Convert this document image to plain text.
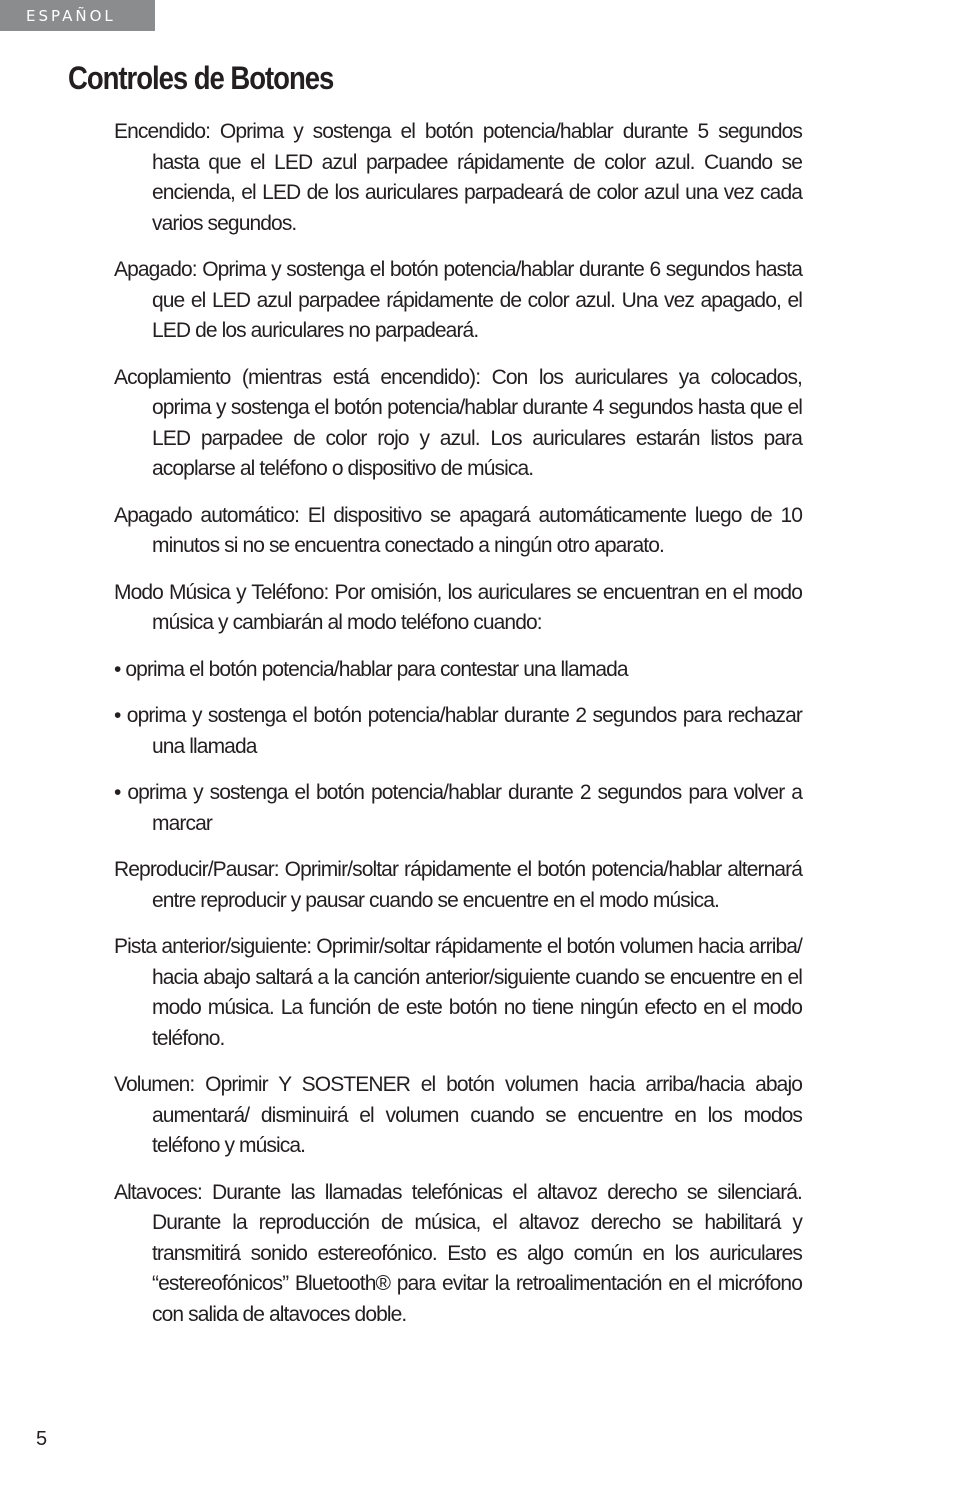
ESPAÑOL
Controles de Botones

Encendido: Oprima y sostenga el botón potencia/hablar durante 5 segundos hasta que el LED azul parpadee rápidamente de color azul. Cuando se encienda, el LED de los auriculares parpadeará de color azul una vez cada varios segundos.

Apagado: Oprima y sostenga el botón potencia/hablar durante 6 segundos hasta que el LED azul parpadee rápidamente de color azul. Una vez apagado, el LED de los auriculares no parpadeará.

Acoplamiento (mientras está encendido): Con los auriculares ya colocados, oprima y sostenga el botón potencia/hablar durante 4 segundos hasta que el LED parpadee de color rojo y azul. Los auriculares estarán listos para acoplarse al teléfono o dispositivo de música.

Apagado automático: El dispositivo se apagará automáticamente luego de 10 minutos si no se encuentra conectado a ningún otro aparato.

Modo Música y Teléfono: Por omisión, los auriculares se encuentran en el modo música y cambiarán al modo teléfono cuando:

• oprima el botón potencia/hablar para contestar una llamada

• oprima y sostenga el botón potencia/hablar durante 2 segundos para rechazar una llamada

• oprima y sostenga el botón potencia/hablar durante 2 segundos para volver a marcar

Reproducir/Pausar: Oprimir/soltar rápidamente el botón potencia/hablar alternará entre reproducir y pausar cuando se encuentre en el modo música.

Pista anterior/siguiente: Oprimir/soltar rápidamente el botón volumen hacia arriba/ hacia abajo saltará a la canción anterior/siguiente cuando se encuentre en el modo música. La función de este botón no tiene ningún efecto en el modo teléfono.

Volumen: Oprimir Y SOSTENER el botón volumen hacia arriba/hacia abajo aumentará/ disminuirá el volumen cuando se encuentre en los modos teléfono y música.

Altavoces: Durante las llamadas telefónicas el altavoz derecho se silenciará. Durante la reproducción de música, el altavoz derecho se habilitará y transmitirá sonido estereofónico. Esto es algo común en los auriculares “estereofónicos” Bluetooth® para evitar la retroalimentación en el micrófono con salida de altavoces doble.

5
